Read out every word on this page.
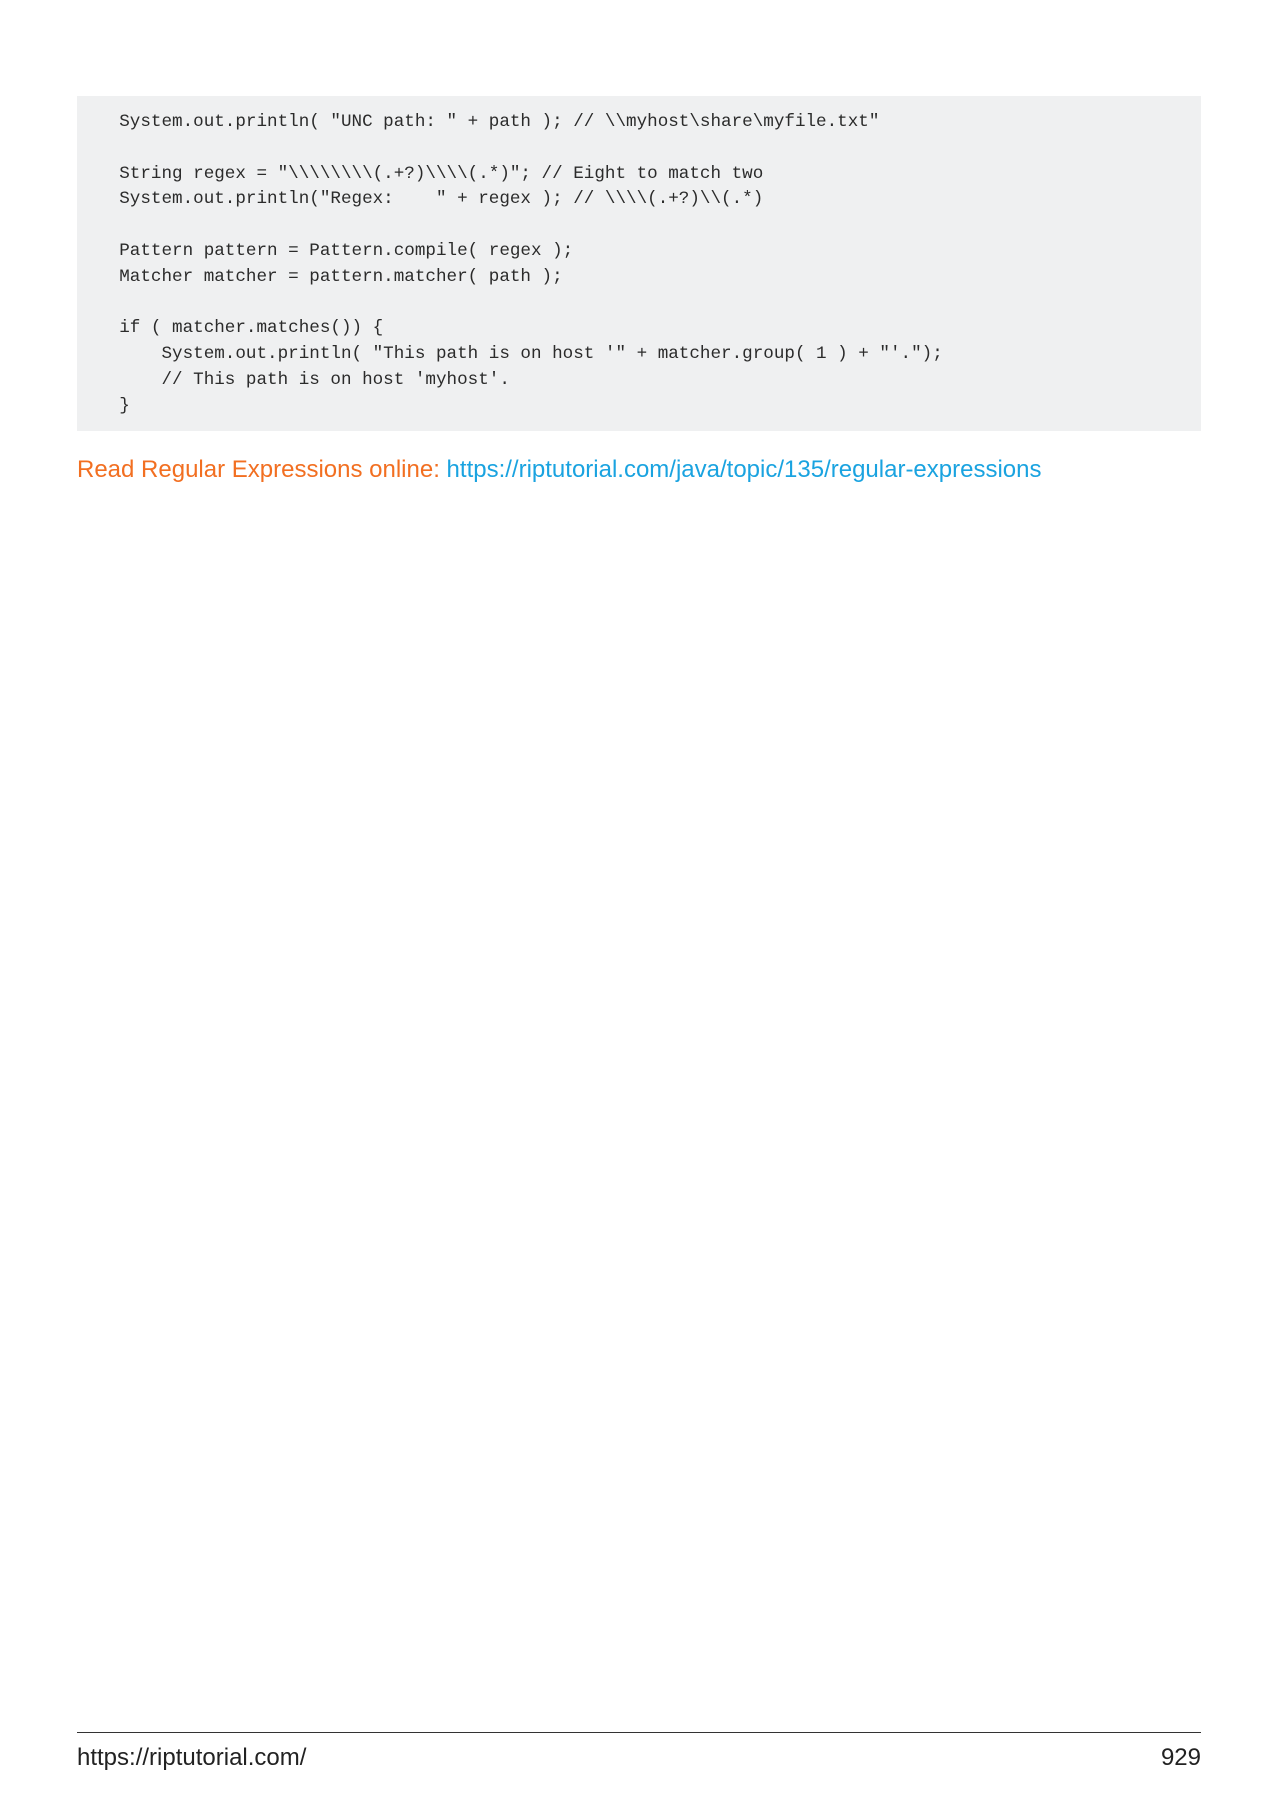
System.out.println( "UNC path: " + path ); // \\myhost\share\myfile.txt"
String regex = "\\\\\\\\(.+?)\\\\(.*)"; // Eight to match two
System.out.println("Regex:    " + regex ); // \\\\(.+?)\\(.*)
Pattern pattern = Pattern.compile( regex );
Matcher matcher = pattern.matcher( path );
if ( matcher.matches()) {
System.out.println( "This path is on host '" + matcher.group( 1 ) + "'.");
// This path is on host 'myhost'.
}
Read Regular Expressions online: https://riptutorial.com/java/topic/135/regular-expressions
https://riptutorial.com/	929
